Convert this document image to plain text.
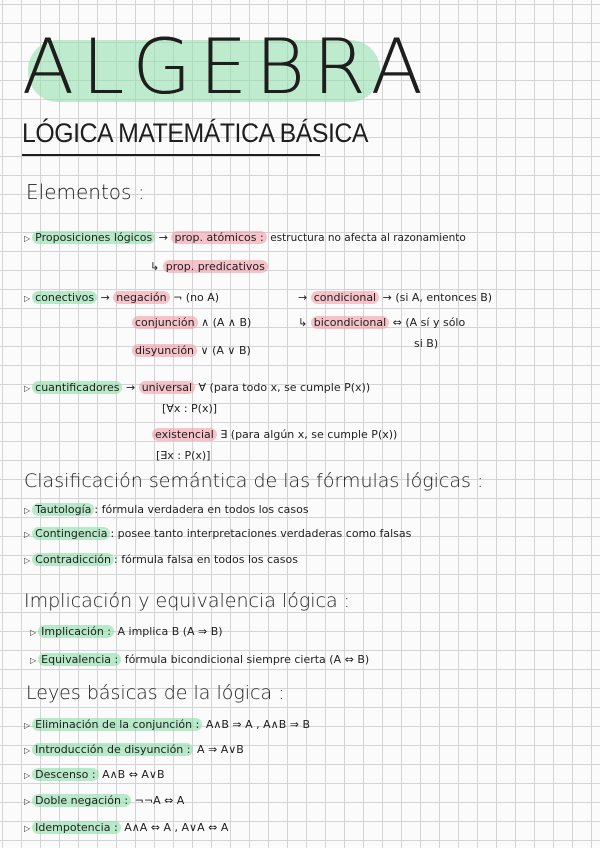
ALGEBRA
LÓGICA MATEMÁTICA BÁSICA
Elementos :
▷ Proposiciones lógicos → prop. atómicos : estructura no afecta al razonamiento
↳ prop. predicativos
▷ conectivos → negación ¬ (no A)
conjunción ∧ (A ∧ B)
disyunción ∨ (A ∨ B)
→ condicional → (si A, entonces B)
↳ bicondicional ⇔ (A sí y sólo
si B)
▷ cuantificadores → universal ∀ (para todo x, se cumple P(x))
[∀x : P(x)]
existencial ∃ (para algún x, se cumple P(x))
[∃x : P(x)]
Clasificación semántica de las fórmulas lógicas :
▷ Tautología : fórmula verdadera en todos los casos
▷ Contingencia : posee tanto interpretaciones verdaderas como falsas
▷ Contradicción : fórmula falsa en todos los casos
Implicación y equivalencia lógica :
▷ Implicación : A implica B (A ⇒ B)
▷ Equivalencia : fórmula bicondicional siempre cierta (A ⇔ B)
Leyes básicas de la lógica :
▷ Eliminación de la conjunción : A∧B ⇒ A , A∧B ⇒ B
▷ Introducción de disyunción : A ⇒ A∨B
▷ Descenso : A∧B ⇔ A∨B
▷ Doble negación : ¬¬A ⇔ A
▷ Idempotencia : A∧A ⇔ A , A∨A ⇔ A
